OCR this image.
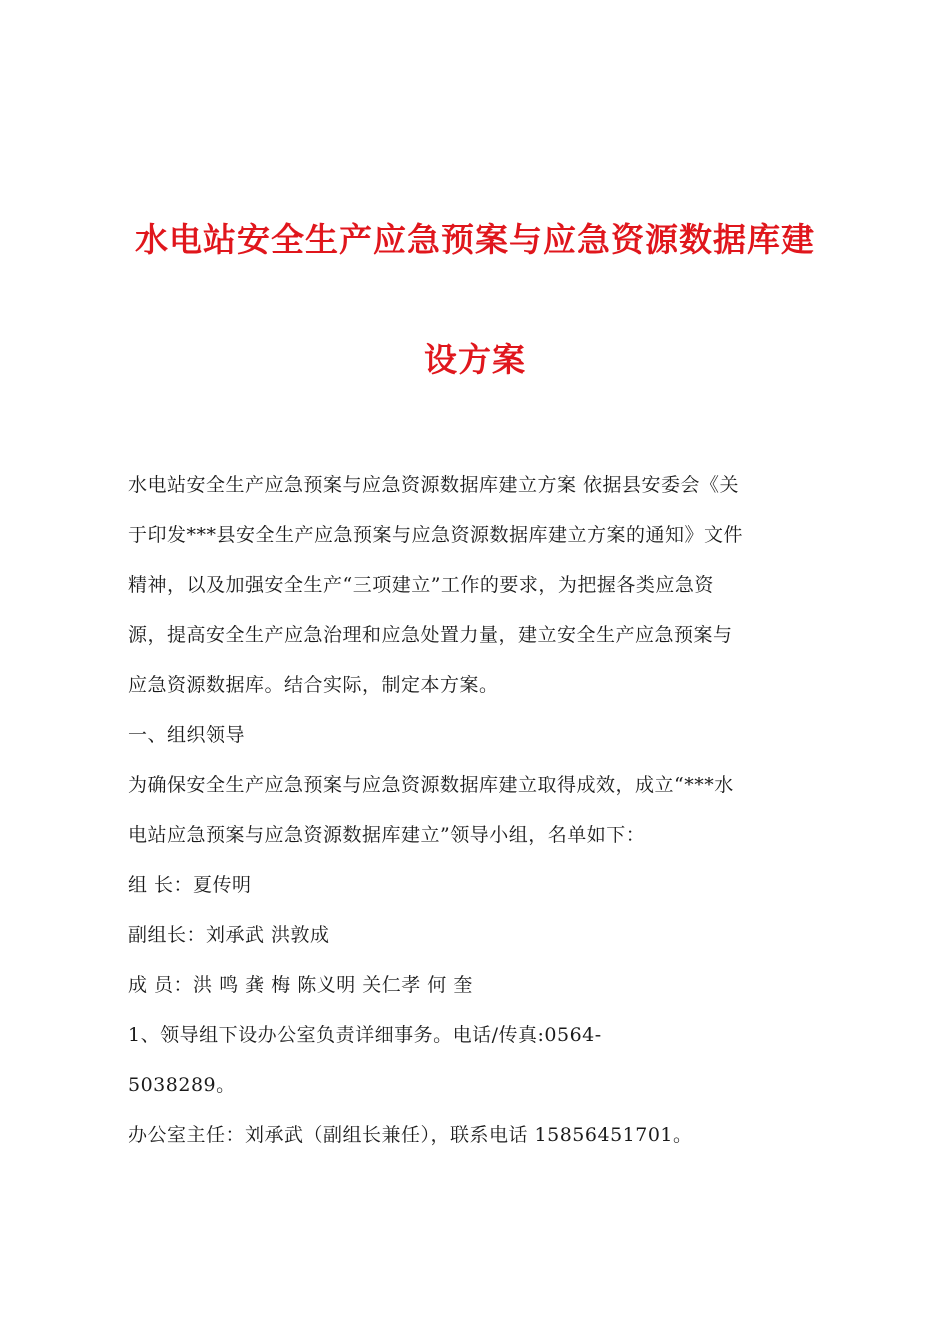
水电站安全生产应急预案与应急资源数据库建
设方案
水电站安全生产应急预案与应急资源数据库建立方案 依据县安委会《关
于印发***县安全生产应急预案与应急资源数据库建立方案的通知》文件
精神，以及加强安全生产“三项建立”工作的要求，为把握各类应急资
源，提高安全生产应急治理和应急处置力量，建立安全生产应急预案与
应急资源数据库。结合实际，制定本方案。
一、组织领导
为确保安全生产应急预案与应急资源数据库建立取得成效，成立“***水
电站应急预案与应急资源数据库建立”领导小组，名单如下：
组 长：夏传明
副组长：刘承武 洪敦成
成 员：洪 鸣 龚 梅 陈义明 关仁孝 何 奎
1、领导组下设办公室负责详细事务。电话/传真:0564-
5038289。
办公室主任：刘承武（副组长兼任），联系电话 15856451701。
